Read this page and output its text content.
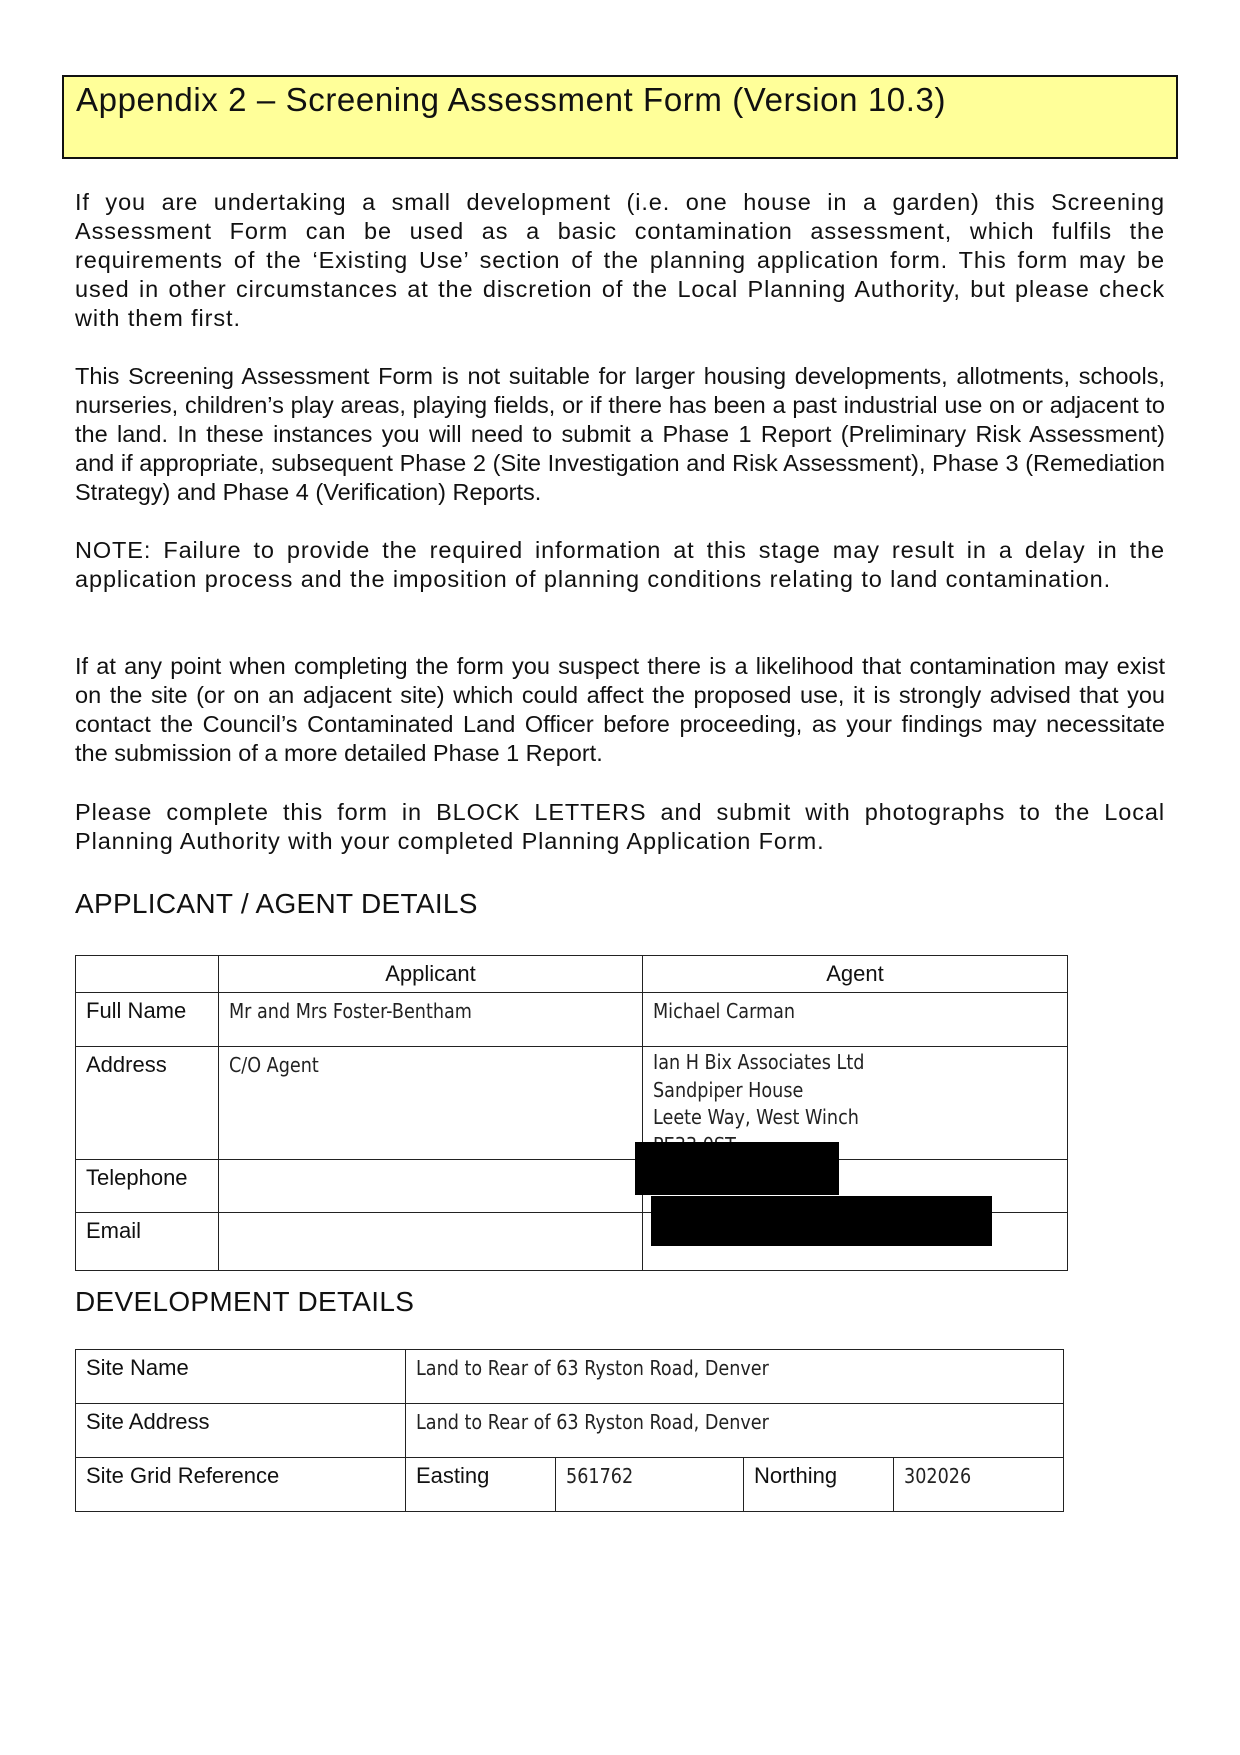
Appendix 2 – Screening Assessment Form (Version 10.3)

If you are undertaking a small development (i.e. one house in a garden) this Screening Assessment Form can be used as a basic contamination assessment, which fulfils the requirements of the ‘Existing Use’ section of the planning application form. This form may be used in other circumstances at the discretion of the Local Planning Authority, but please check with them first.

This Screening Assessment Form is not suitable for larger housing developments, allotments, schools, nurseries, children’s play areas, playing fields, or if there has been a past industrial use on or adjacent to the land. In these instances you will need to submit a Phase 1 Report (Preliminary Risk Assessment) and if appropriate, subsequent Phase 2 (Site Investigation and Risk Assessment), Phase 3 (Remediation Strategy) and Phase 4 (Verification) Reports.

NOTE: Failure to provide the required information at this stage may result in a delay in the application process and the imposition of planning conditions relating to land contamination.

If at any point when completing the form you suspect there is a likelihood that contamination may exist on the site (or on an adjacent site) which could affect the proposed use, it is strongly advised that you contact the Council’s Contaminated Land Officer before proceeding, as your findings may necessitate the submission of a more detailed Phase 1 Report.

Please complete this form in BLOCK LETTERS and submit with photographs to the Local Planning Authority with your completed Planning Application Form.

APPLICANT / AGENT DETAILS
	Applicant	Agent
Full Name	Mr and Mrs Foster-Bentham	Michael Carman
Address	C/O Agent	Ian H Bix Associates Ltd
Sandpiper House
Leete Way, West Winch

Telephone		
Email		
DEVELOPMENT DETAILS
Site Name	Land to Rear of 63 Ryston Road, Denver			
Site Address	Land to Rear of 63 Ryston Road, Denver			
Site Grid Reference	Easting	561762	Northing	302026
